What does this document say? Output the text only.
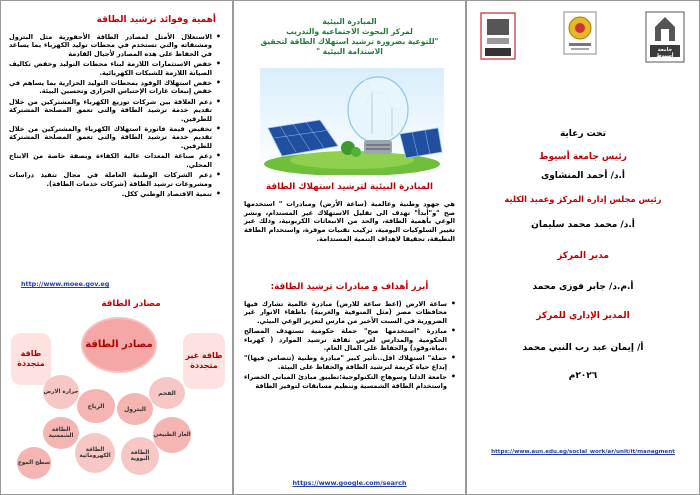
جامعة أسيوط
تحت رعاية
رئيس جامعة أسيوط
أ.د/ أحمد المنشاوى
رئيس مجلس إدارة المركز وعميد الكلية
أ.د/ محمد محمد سليمان
مدير المركز
أ.م.د/ جابر فوزى محمد
المدير الإداري للمركز
أ/ إيمان عبد رب النبي محمد
٢٠٢٦م
https://www.aun.edu.eg/social_work/ar/unit/it/managment
المبادرة البيئية
لمركز البحوث الاجتماعية والتدريب
"للتوعية بضرورة ترشيد استهلاك الطاقة لتحقيق الاستدامة البيئية "
المبادرة البيئية لترشيد استهلاك الطاقة
هي جهود وطنية وعالمية (ساعة الأرض) ومبادرات " استخدمها صح "و"أبدأ" تهدف الى تقليل الاستهلاك غير المستدام، ونشر الوعي بأهمية الطاقة، والحد من الانبعاثات الكربونية، وذلك عبر تغيير السلوكيات اليومية، تركيب تقنيات موفرة، واستخدام الطاقة النظيفة، تحقيقا لاهداف التنمية المستدامة.
أبرز أهداف و مبادرات ترشيد الطاقة:
• ساعة الارض (اعط ساعة للارض) مبادرة عالمية تشارك فيها محافظات مصر (مثل المنوفية والغربية) باطفاء الانوار غير الضرورية في السبت الأخير من مارس لتعزيز الوعي البيئي.
• مبادرة "استخدمها صح" حملة حكومية تستهدف المصالح الحكومية والمدارس لغرس ثقافة ترشيد الموارد ( كهرباء ،مياة،وقود) والحفاظ على المال العام.
• حملة" استهلاك اقل..تأثير كبير "مبادرة وطنية (تتضامن فيها)" إبداع حياة كريمة لترشيد الطاقة والحفاظ على البيئة.
• جامعة الدلتا وسوهاج التكنولوجية:تطبيق مبادئ المباني الخضراء واستخدام الطاقة الشمسية وتنظيم مسابقات لتوفير الطاقة
https://www.google.com/search
أهمية وفوائد ترشيد الطاقة
• الاستغلال الأمثل لمصادر الطاقة الأحفورية مثل البترول ومشتقاته والتي تستخدم في محطات توليد الكهرباء بما يساعد في الحفاظ على هذه المصادر لأجيال القادمة
• خفض الاستثمارات اللازمة لبناء محطات التوليد وخفض تكاليف الصيانة اللازمة للشبكات الكهربائية.
• خفض استهلاك الوقود بمحطات التوليد الحرارية بما يساهم في خفض إنبعاث غازات الإحتباس الحرارى وتحسين البيئة.
• دعم العلاقة بين شركات توزيع الكهرباء والمشتركين من خلال تقديم خدمة ترشيد الطاقة والتى تعمق المصلحة المشتركة للطرفين.
• تخفيض قيمة فاتورة استهلاك الكهرباء والمشتركين من خلال تقديم خدمة ترشيد الطاقة والتى تعمق المصلحة المشتركة للطرفين.
• دعم صناعة المعدات عالية الكفاءة وبصفة خاصة من الانتاج المحلي.
• دعم الشركات الوطنية العاملة في مجال تنفيذ دراسات ومشروعات ترشيد الطاقة (شركات خدمات الطاقة).
• تنمية الاقتصاد الوطني ككل.
http://www.moee.gov.eg
مصادر الطاقة
مصادر الطاقة
طاقة متجددة
طاقة غير متجددة
حرارة الارض
الرياح
الطاقة الشمسية
الطاقة الكهرومائية
سطح الموج
الفحم
البترول
الغاز الطبيعي
الطاقة النووية
